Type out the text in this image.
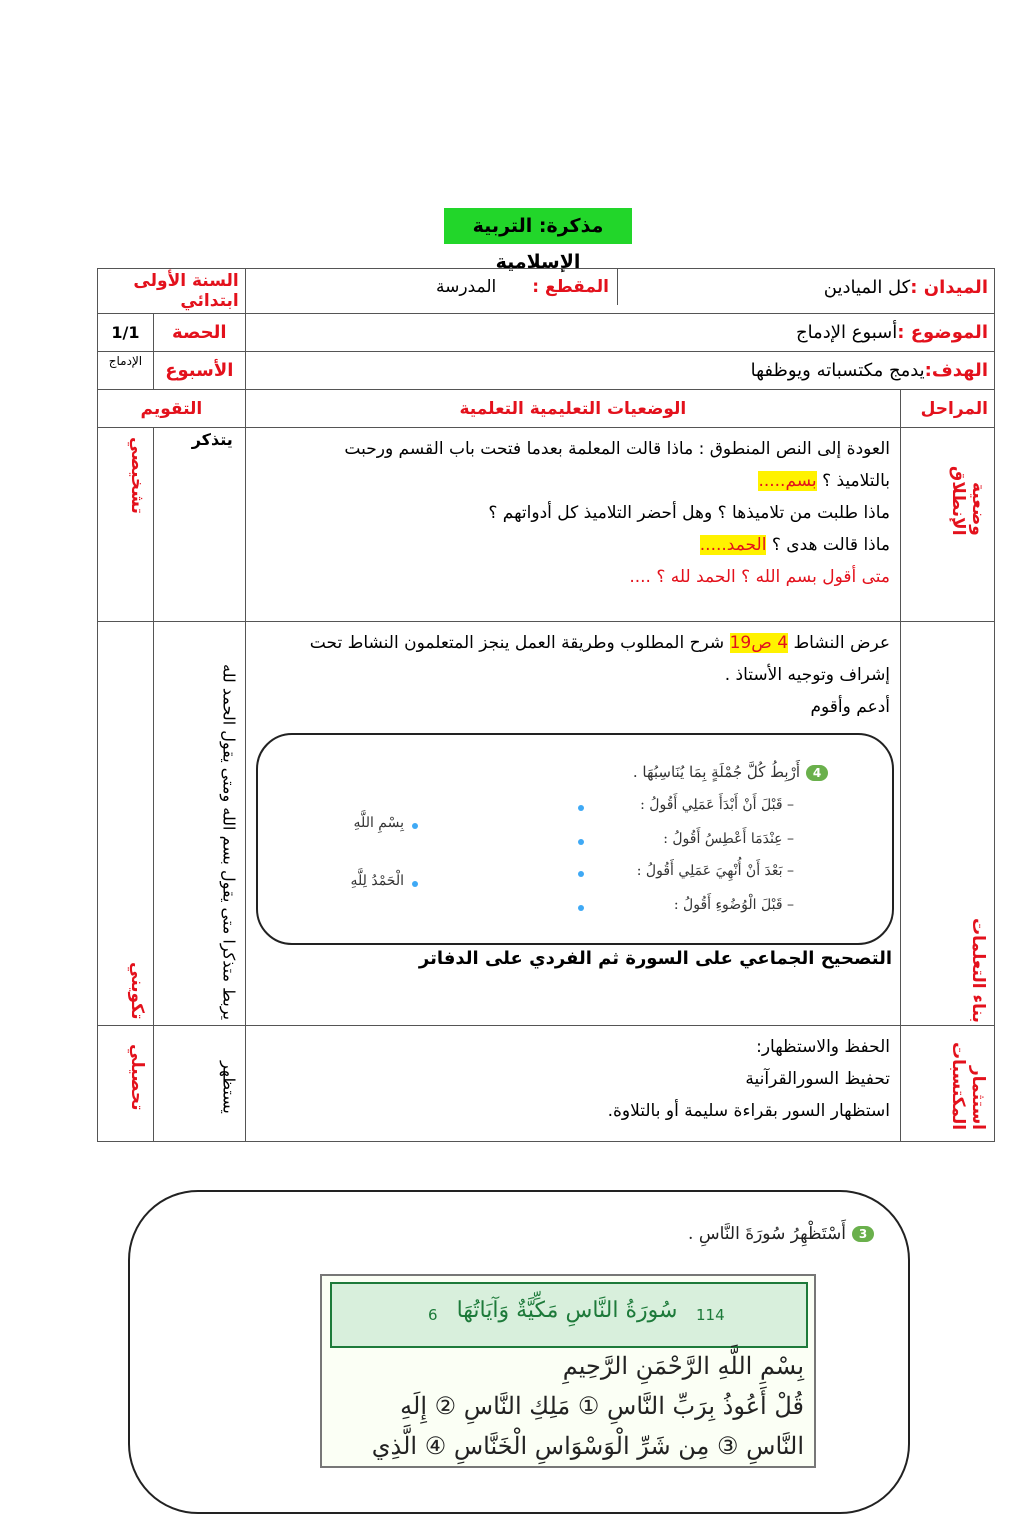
مذكرة: التربية الإسلامية
الميدان :كل الميادين
المقطع :
المدرسة		السنة الأولى ابتدائي	
الموضوع :أسبوع الإدماج		الحصة	1/1
الهدف:يدمج مكتسباته ويوظفها		الأسبوع	الإدماج
المراحل	الوضعيات التعليمية التعلمية	التقويم	

وضعية الإنطلاق	العودة إلى النص المنطوق : ماذا قالت المعلمة بعدما فتحت باب القسم ورحبت
بالتلاميذ ؟ بسم.....
ماذا طلبت من تلاميذها ؟ وهل أحضر التلاميذ كل أدواتهم ؟
ماذا قالت هدى ؟ الحمد.....
متى أقول بسم الله ؟ الحمد لله ؟ ....	يتذكر	تشخيصي

بناء التعلمات	عرض النشاط 4 ص19 شرح المطلوب وطريقة العمل ينجز المتعلمون النشاط تحت
إشراف وتوجيه الأستاذ .
أدعم وأقوم
التصحيح الجماعي على السورة ثم الفردي على الدفاتر	يربط متذكرا متى يقول بسم الله ومتى يقول الحمد لله	تكويني

استثمار المكتسبات	الحفظ والاستظهار:
تحفيظ السورالقرآنية
استظهار السور بقراءة سليمة أو بالتلاوة.	يستظهر	تحصيلي
4
أَرْبِطُ كُلَّ جُمْلَةٍ بِمَا يُنَاسِبُهَا .
– قَبْلَ أَنْ أَبْدَأَ عَمَلِي أَقُولُ :
– عِنْدَمَا أَعْطِسُ أَقُولُ :
– بَعْدَ أَنْ أُنْهِيَ عَمَلِي أَقُولُ :
– قَبْلَ الْوُضُوءِ أَقُولُ :
بِسْمِ اللَّهِ
الْحَمْدُ لِلَّهِ
3
أَسْتَظْهِرُ سُورَةَ النَّاسِ .
6 سُورَةُ النَّاسِ مَكِّيَّةٌ وَآيَاتُهَا	114
بِسْمِ اللَّهِ الرَّحْمَنِ الرَّحِيمِ
قُلْ أَعُوذُ بِرَبِّ النَّاسِ ① مَلِكِ النَّاسِ ② إِلَهِ
النَّاسِ ③ مِن شَرِّ الْوَسْوَاسِ الْخَنَّاسِ ④ الَّذِي
